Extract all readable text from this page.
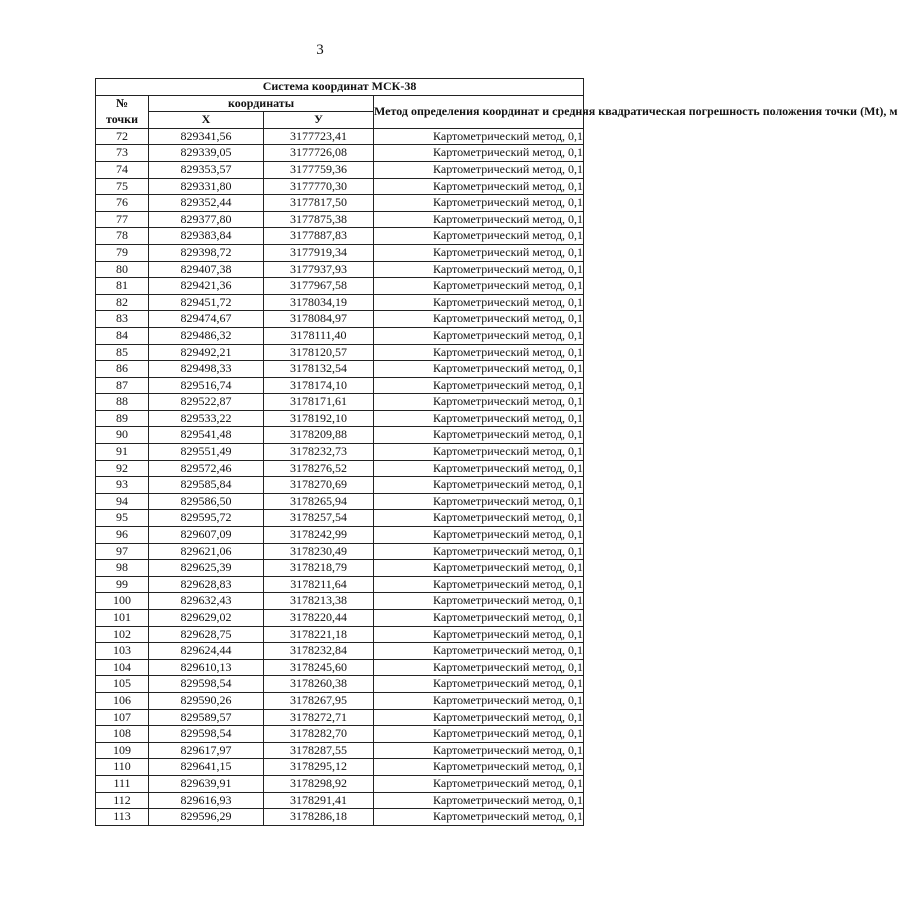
3
Система координат МСК-38			
№
точки	координаты		Метод определения координат и средняя квадратическая погрешность положения точки (Mt), м
	X	У	
72	829341,56	3177723,41	Картометрический метод, 0,1
73	829339,05	3177726,08	Картометрический метод, 0,1
74	829353,57	3177759,36	Картометрический метод, 0,1
75	829331,80	3177770,30	Картометрический метод, 0,1
76	829352,44	3177817,50	Картометрический метод, 0,1
77	829377,80	3177875,38	Картометрический метод, 0,1
78	829383,84	3177887,83	Картометрический метод, 0,1
79	829398,72	3177919,34	Картометрический метод, 0,1
80	829407,38	3177937,93	Картометрический метод, 0,1
81	829421,36	3177967,58	Картометрический метод, 0,1
82	829451,72	3178034,19	Картометрический метод, 0,1
83	829474,67	3178084,97	Картометрический метод, 0,1
84	829486,32	3178111,40	Картометрический метод, 0,1
85	829492,21	3178120,57	Картометрический метод, 0,1
86	829498,33	3178132,54	Картометрический метод, 0,1
87	829516,74	3178174,10	Картометрический метод, 0,1
88	829522,87	3178171,61	Картометрический метод, 0,1
89	829533,22	3178192,10	Картометрический метод, 0,1
90	829541,48	3178209,88	Картометрический метод, 0,1
91	829551,49	3178232,73	Картометрический метод, 0,1
92	829572,46	3178276,52	Картометрический метод, 0,1
93	829585,84	3178270,69	Картометрический метод, 0,1
94	829586,50	3178265,94	Картометрический метод, 0,1
95	829595,72	3178257,54	Картометрический метод, 0,1
96	829607,09	3178242,99	Картометрический метод, 0,1
97	829621,06	3178230,49	Картометрический метод, 0,1
98	829625,39	3178218,79	Картометрический метод, 0,1
99	829628,83	3178211,64	Картометрический метод, 0,1
100	829632,43	3178213,38	Картометрический метод, 0,1
101	829629,02	3178220,44	Картометрический метод, 0,1
102	829628,75	3178221,18	Картометрический метод, 0,1
103	829624,44	3178232,84	Картометрический метод, 0,1
104	829610,13	3178245,60	Картометрический метод, 0,1
105	829598,54	3178260,38	Картометрический метод, 0,1
106	829590,26	3178267,95	Картометрический метод, 0,1
107	829589,57	3178272,71	Картометрический метод, 0,1
108	829598,54	3178282,70	Картометрический метод, 0,1
109	829617,97	3178287,55	Картометрический метод, 0,1
110	829641,15	3178295,12	Картометрический метод, 0,1
111	829639,91	3178298,92	Картометрический метод, 0,1
112	829616,93	3178291,41	Картометрический метод, 0,1
113	829596,29	3178286,18	Картометрический метод, 0,1
